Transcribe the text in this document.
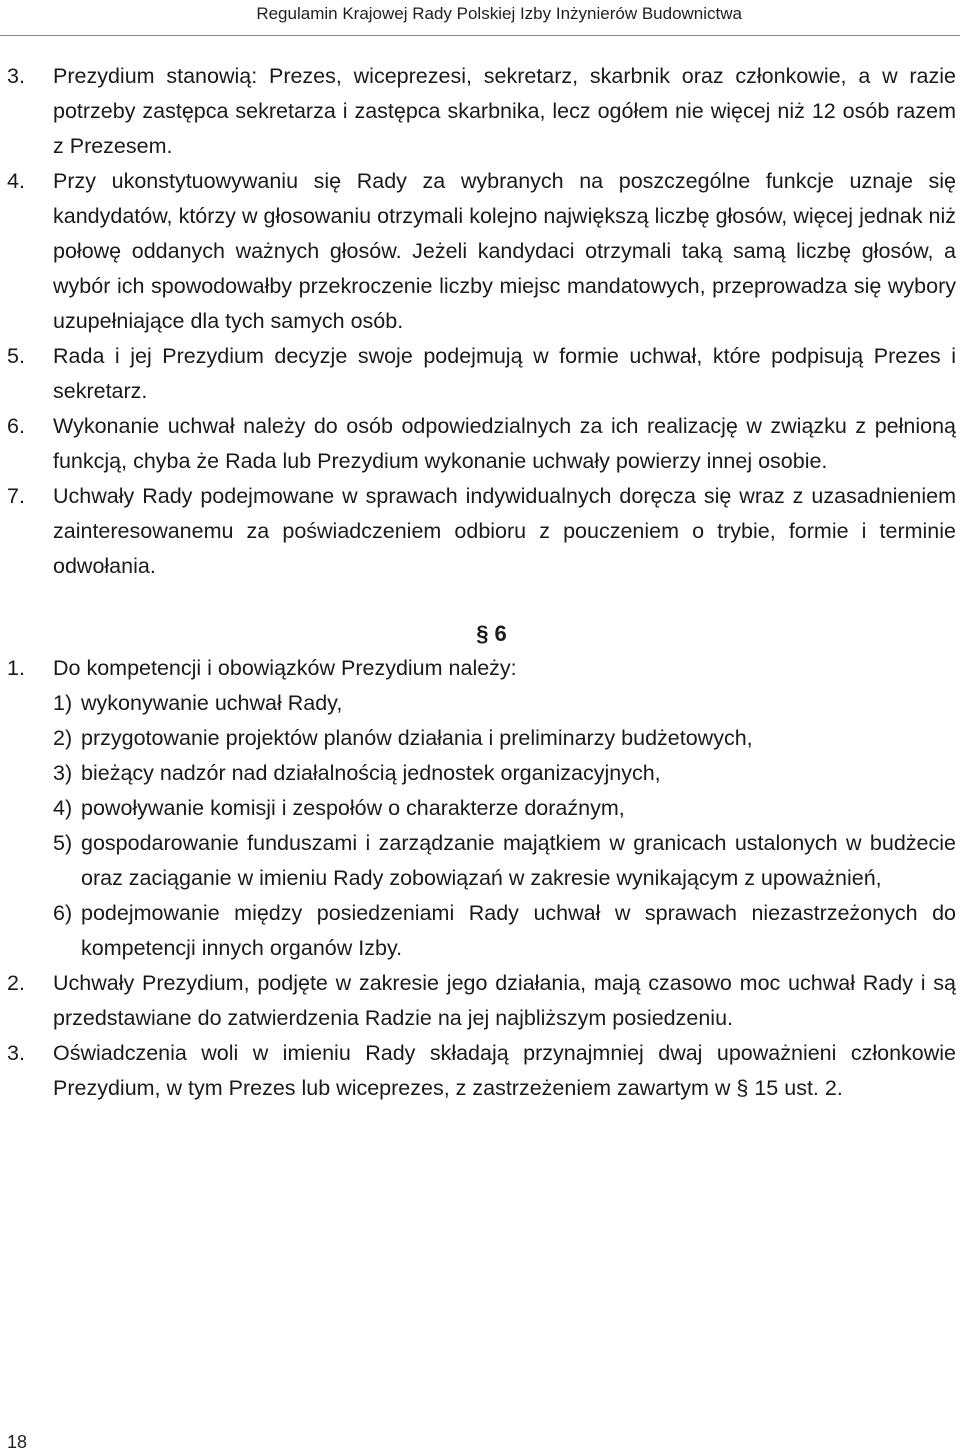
Regulamin Krajowej Rady Polskiej Izby Inżynierów Budownictwa
3. Prezydium stanowią: Prezes, wiceprezesi, sekretarz, skarbnik oraz członkowie, a w razie potrzeby zastępca sekretarza i zastępca skarbnika, lecz ogółem nie więcej niż 12 osób razem z Prezesem.
4. Przy ukonstytuowywaniu się Rady za wybranych na poszczególne funkcje uznaje się kandydatów, którzy w głosowaniu otrzymali kolejno największą liczbę głosów, więcej jednak niż połowę oddanych ważnych głosów. Jeżeli kandydaci otrzymali taką samą liczbę głosów, a wybór ich spowodowałby przekroczenie liczby miejsc mandatowych, przeprowadza się wybory uzupełniające dla tych samych osób.
5. Rada i jej Prezydium decyzje swoje podejmują w formie uchwał, które podpisują Prezes i sekretarz.
6. Wykonanie uchwał należy do osób odpowiedzialnych za ich realizację w związku z pełnioną funkcją, chyba że Rada lub Prezydium wykonanie uchwały powierzy innej osobie.
7. Uchwały Rady podejmowane w sprawach indywidualnych doręcza się wraz z uzasadnieniem zainteresowanemu za poświadczeniem odbioru z pouczeniem o trybie, formie i terminie odwołania.
§ 6
1. Do kompetencji i obowiązków Prezydium należy:
1) wykonywanie uchwał Rady,
2) przygotowanie projektów planów działania i preliminarzy budżetowych,
3) bieżący nadzór nad działalnością jednostek organizacyjnych,
4) powoływanie komisji i zespołów o charakterze doraźnym,
5) gospodarowanie funduszami i zarządzanie majątkiem w granicach ustalonych w budżecie oraz zaciąganie w imieniu Rady zobowiązań w zakresie wynikającym z upoważnień,
6) podejmowanie między posiedzeniami Rady uchwał w sprawach niezastrzeżonych do kompetencji innych organów Izby.
2. Uchwały Prezydium, podjęte w zakresie jego działania, mają czasowo moc uchwał Rady i są przedstawiane do zatwierdzenia Radzie na jej najbliższym posiedzeniu.
3. Oświadczenia woli w imieniu Rady składają przynajmniej dwaj upoważnieni członkowie Prezydium, w tym Prezes lub wiceprezes, z zastrzeżeniem zawartym w § 15 ust. 2.
18
